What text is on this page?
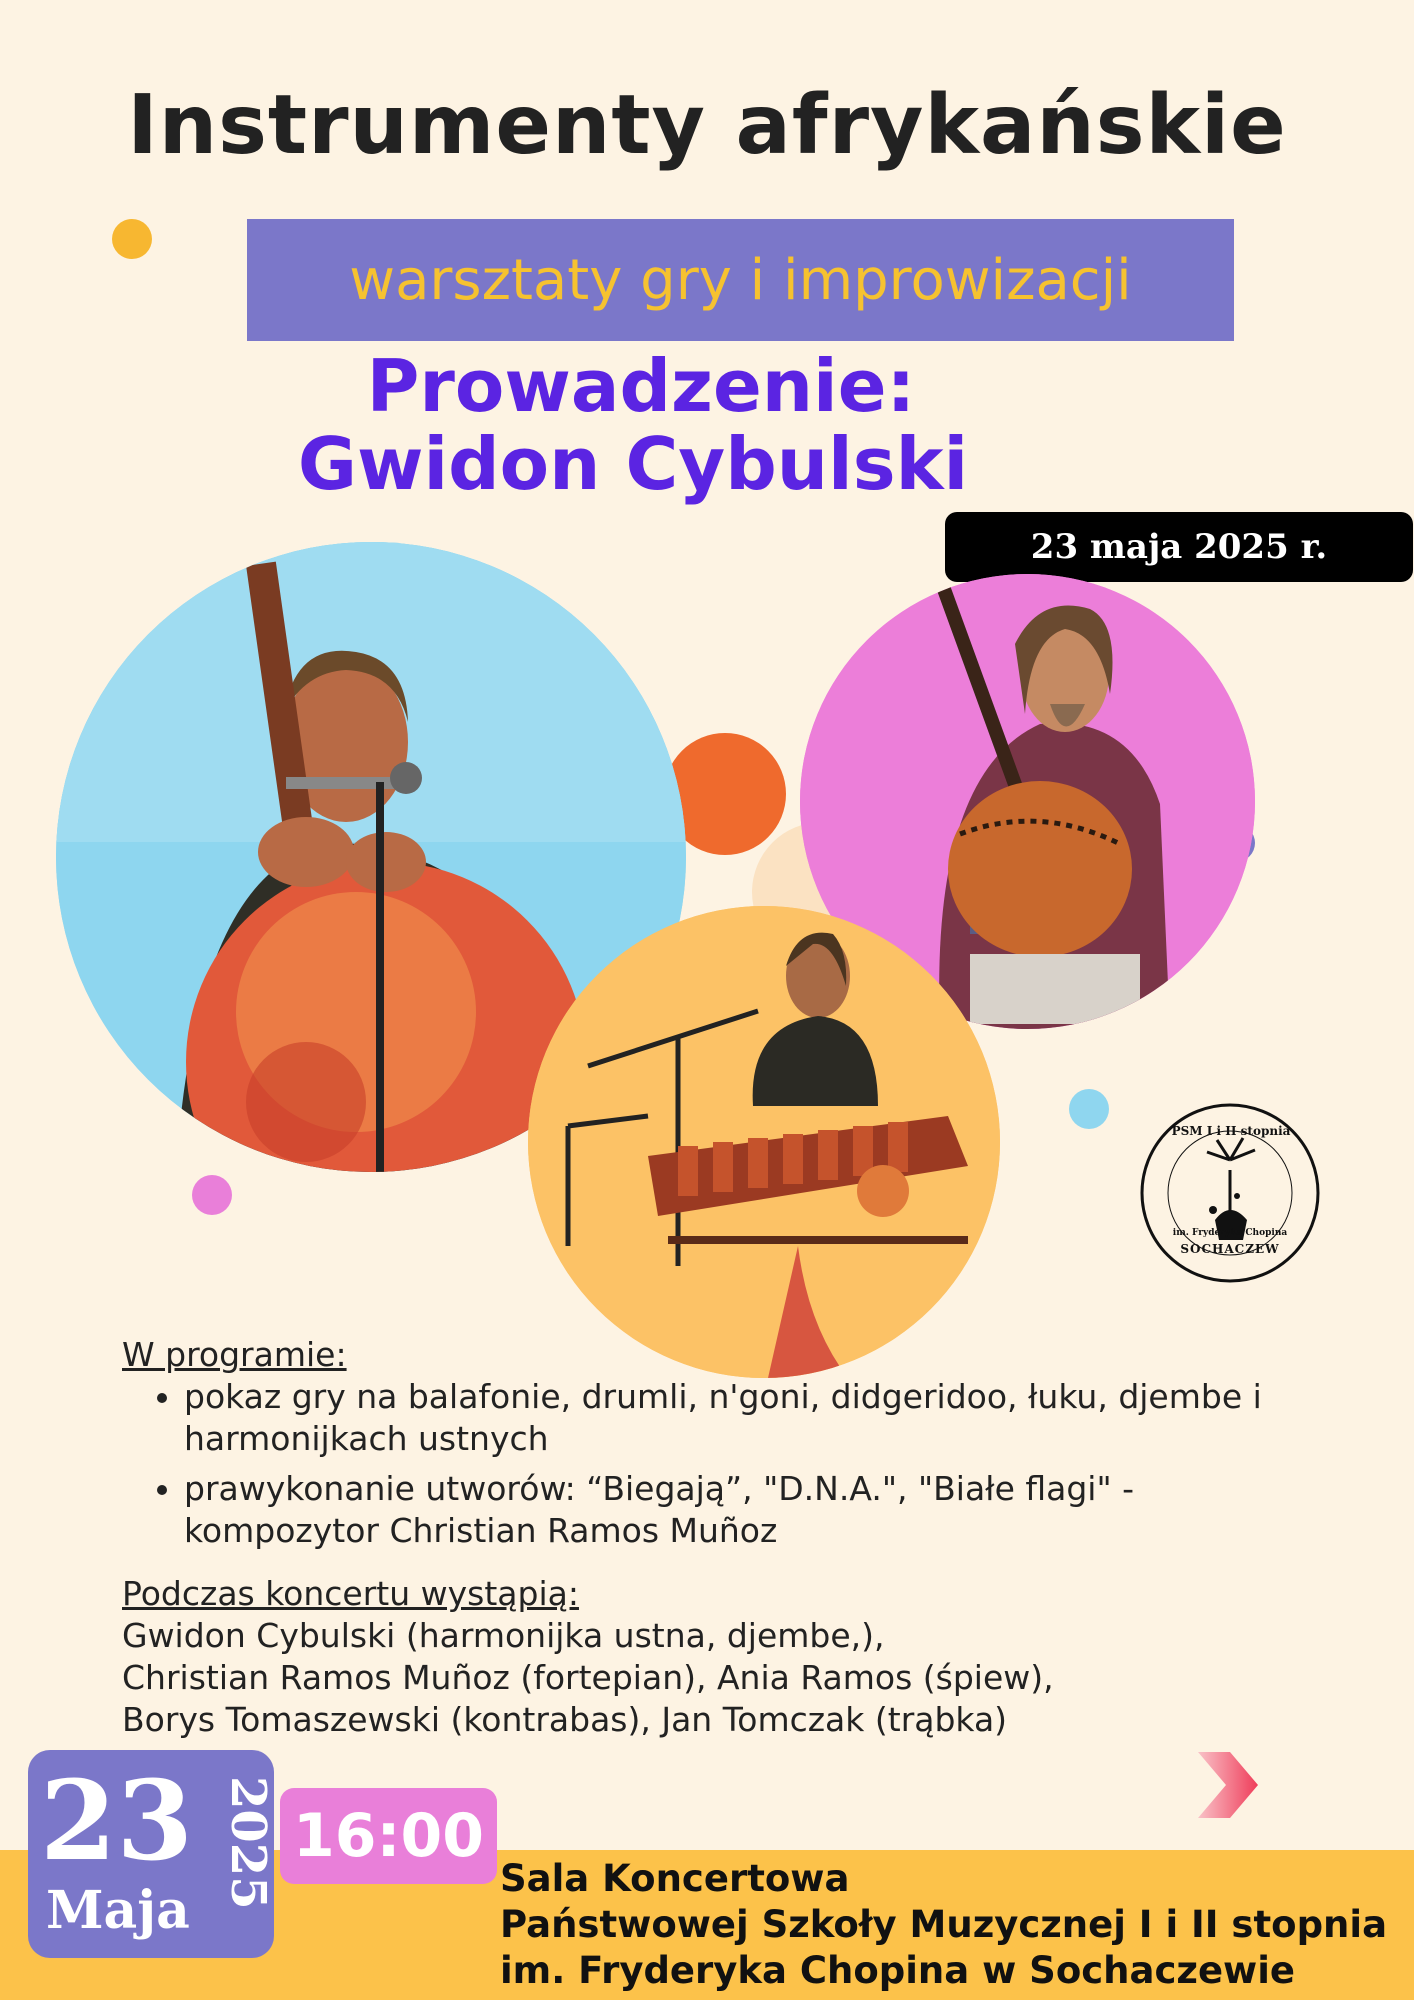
Instrumenty afrykańskie
warsztaty gry i improwizacji
Prowadzenie:
Gwidon Cybulski
23 maja 2025 r.
PSM I i II stopnia
im. Fryderyka Chopina
SOCHACZEW
W programie:
• pokaz gry na balafonie, drumli, n'goni, didgeridoo, łuku, djembe i harmonijkach ustnych
• prawykonanie utworów: “Biegają”, "D.N.A.", "Białe flagi" - kompozytor Christian Ramos Muñoz
Podczas koncertu wystąpią:
Gwidon Cybulski (harmonijka ustna, djembe,),
Christian Ramos Muñoz (fortepian), Ania Ramos (śpiew),
Borys Tomaszewski (kontrabas), Jan Tomczak (trąbka)
23
Maja
2025 16:00
Sala Koncertowa
Państwowej Szkoły Muzycznej I i II stopnia
im. Fryderyka Chopina w Sochaczewie
